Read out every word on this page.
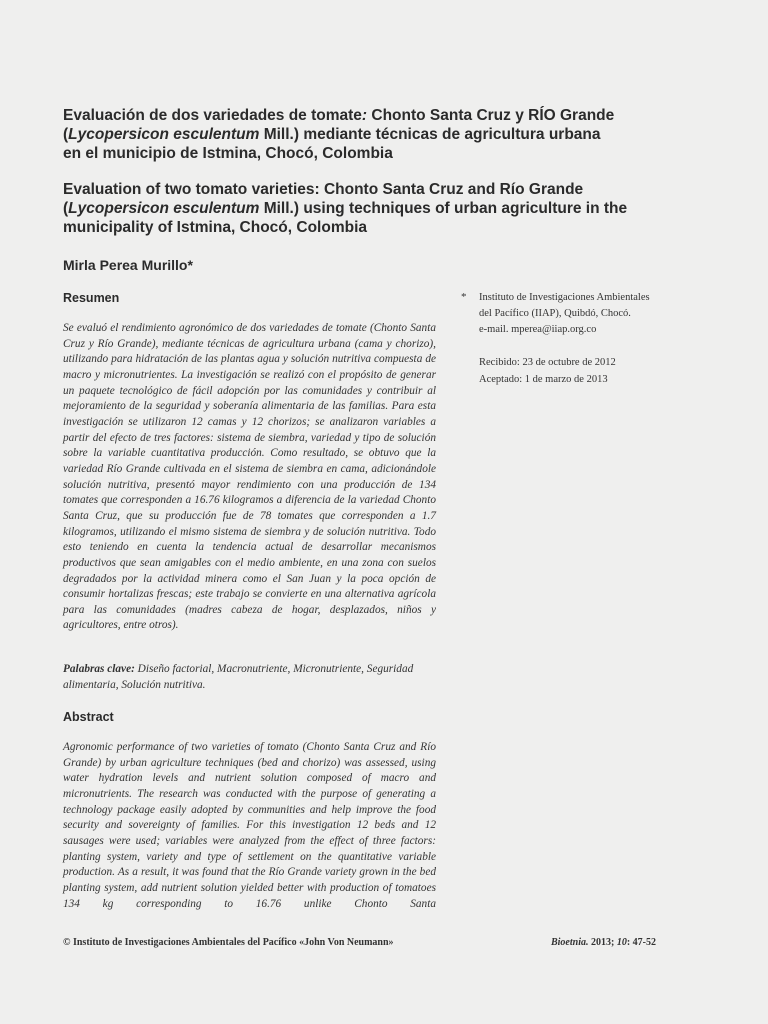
Evaluación de dos variedades de tomate: Chonto Santa Cruz y RÍO Grande
(Lycopersicon esculentum Mill.) mediante técnicas de agricultura urbana
en el municipio de Istmina, Chocó, Colombia
Evaluation of two tomato varieties: Chonto Santa Cruz and Río Grande
(Lycopersicon esculentum Mill.) using techniques of urban agriculture in the
municipality of Istmina, Chocó, Colombia
Mirla Perea Murillo*
Resumen

Se evaluó el rendimiento agronómico de dos variedades de tomate (Chonto Santa Cruz y Río Grande), mediante técnicas de agricultura urbana (cama y chorizo), utilizando para hidratación de las plantas agua y solución nutritiva compuesta de macro y micronutrientes. La investigación se realizó con el propósito de generar un paquete tecnológico de fácil adopción por las comunidades y contribuir al mejoramiento de la seguridad y soberanía alimentaria de las familias. Para esta investigación se utilizaron 12 camas y 12 chorizos; se analizaron variables a partir del efecto de tres factores: sistema de siembra, variedad y tipo de solución sobre la variable cuantitativa producción. Como resultado, se obtuvo que la variedad Río Grande cultivada en el sistema de siembra en cama, adicionándole solución nutritiva, presentó mayor rendimiento con una producción de 134 tomates que corresponden a 16.76 kilogramos a diferencia de la variedad Chonto Santa Cruz, que su producción fue de 78 tomates que corresponden a 1.7 kilogramos, utilizando el mismo sistema de siembra y de solución nutritiva. Todo esto teniendo en cuenta la tendencia actual de desarrollar mecanismos productivos que sean amigables con el medio ambiente, en una zona con suelos degradados por la actividad minera como el San Juan y la poca opción de consumir hortalizas frescas; este trabajo se convierte en una alternativa agrícola para las comunidades (madres cabeza de hogar, desplazados, niños y agricultores, entre otros).

Palabras clave: Diseño factorial, Macronutriente, Micronutriente, Seguridad alimentaria, Solución nutritiva.

Abstract

Agronomic performance of two varieties of tomato (Chonto Santa Cruz and Río Grande) by urban agriculture techniques (bed and chorizo) was assessed, using water hydration levels and nutrient solution composed of macro and micronutrients. The research was conducted with the purpose of generating a technology package easily adopted by communities and help improve the food security and sovereignty of families. For this investigation 12 beds and 12 sausages were used; variables were analyzed from the effect of three factors: planting system, variety and type of settlement on the quantitative variable production. As a result, it was found that the Río Grande variety grown in the bed planting system, add nutrient solution yielded better with production of tomatoes 134 kg corresponding to 16.76 unlike Chonto Santa

* Instituto de Investigaciones Ambientales
del Pacífico (IIAP), Quibdó, Chocó.
e-mail. mperea@iiap.org.co

Recibido: 23 de octubre de 2012
Aceptado: 1 de marzo de 2013
© Instituto de Investigaciones Ambientales del Pacífico «John Von Neumann»	Bioetnia. 2013; 10: 47-52
